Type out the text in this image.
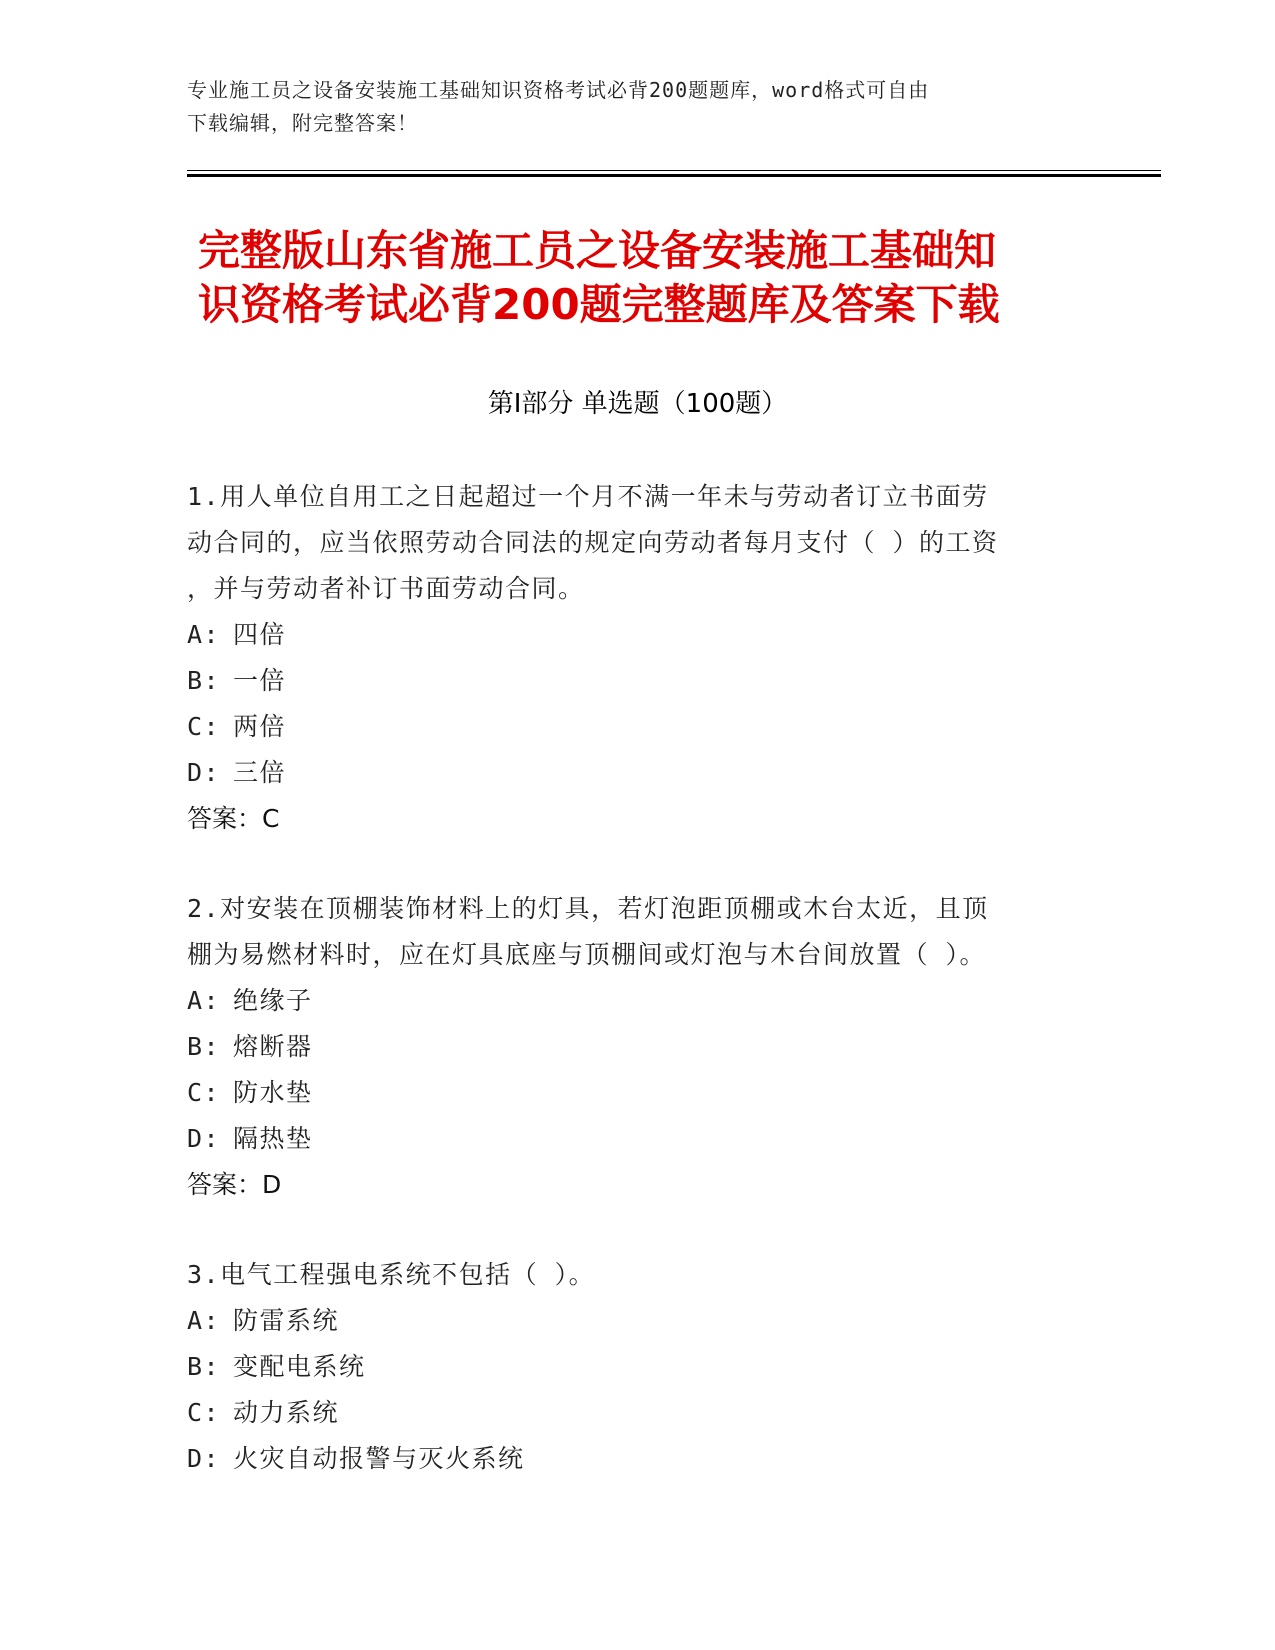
专业施工员之设备安装施工基础知识资格考试必背200题题库，word格式可自由
下载编辑，附完整答案！
完整版山东省施工员之设备安装施工基础知
识资格考试必背200题完整题库及答案下载
第Ⅰ部分 单选题（100题）
1.用人单位自用工之日起超过一个月不满一年未与劳动者订立书面劳
动合同的，应当依照劳动合同法的规定向劳动者每月支付（ ）的工资
，并与劳动者补订书面劳动合同。
A: 四倍
B: 一倍
C: 两倍
D: 三倍
答案：C
2.对安装在顶棚装饰材料上的灯具，若灯泡距顶棚或木台太近，且顶
棚为易燃材料时，应在灯具底座与顶棚间或灯泡与木台间放置（ ）。
A: 绝缘子
B: 熔断器
C: 防水垫
D: 隔热垫
答案：D
3.电气工程强电系统不包括（ ）。
A: 防雷系统
B: 变配电系统
C: 动力系统
D: 火灾自动报警与灭火系统
